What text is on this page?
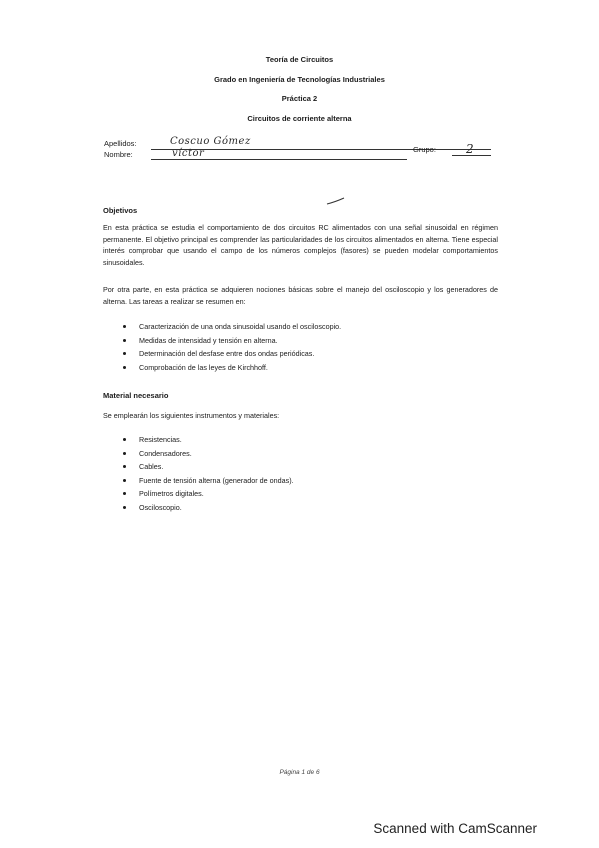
Teoría de Circuitos
Grado en Ingeniería de Tecnologías Industriales
Práctica 2
Circuitos de corriente alterna
Apellidos:	Coscuo Gómez
Nombre:	víctor	Grupo:	2
Objetivos
En esta práctica se estudia el comportamiento de dos circuitos RC alimentados con una señal sinusoidal en régimen permanente. El objetivo principal es comprender las particularidades de los circuitos alimentados en alterna. Tiene especial interés comprobar que usando el campo de los números complejos (fasores) se pueden modelar comportamientos sinusoidales.
Por otra parte, en esta práctica se adquieren nociones básicas sobre el manejo del osciloscopio y los generadores de alterna. Las tareas a realizar se resumen en:
Caracterización de una onda sinusoidal usando el osciloscopio.
Medidas de intensidad y tensión en alterna.
Determinación del desfase entre dos ondas periódicas.
Comprobación de las leyes de Kirchhoff.
Material necesario
Se emplearán los siguientes instrumentos y materiales:
Resistencias.
Condensadores.
Cables.
Fuente de tensión alterna (generador de ondas).
Polímetros digitales.
Osciloscopio.
Página 1 de 6
Scanned with CamScanner
